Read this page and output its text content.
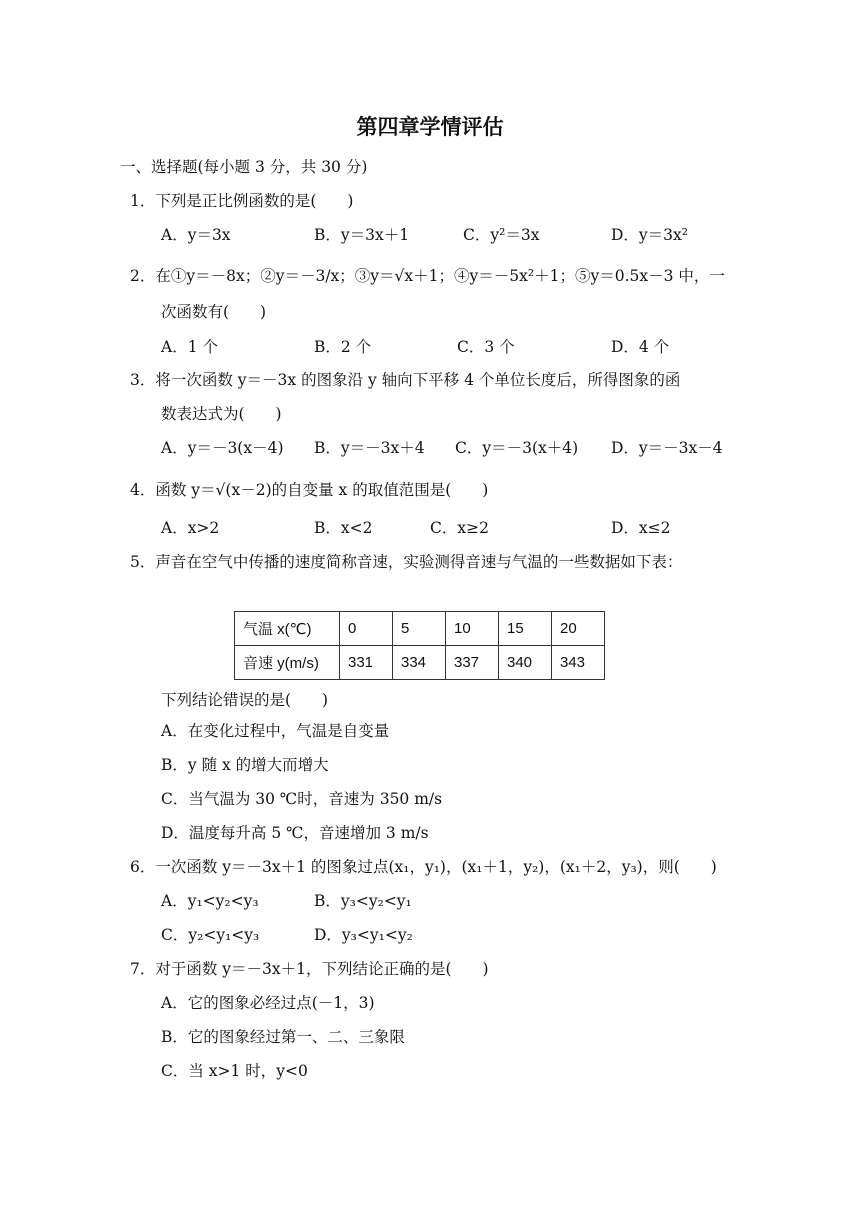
第四章学情评估
一、选择题(每小题 3 分，共 30 分)
1．下列是正比例函数的是(　　)
A．y＝3x	B．y＝3x＋1	C．y²＝3x	D．y＝3x²
2．在①y＝－8x；②y＝－3/x；③y＝√x＋1；④y＝－5x²＋1；⑤y＝0.5x－3 中，一
次函数有(　　)
A．1 个	B．2 个	C．3 个	D．4 个
3．将一次函数 y＝－3x 的图象沿 y 轴向下平移 4 个单位长度后，所得图象的函
数表达式为(　　)
A．y＝－3(x－4) B．y＝－3x＋4 C．y＝－3(x＋4) D．y＝－3x－4
4．函数 y＝√(x－2)的自变量 x 的取值范围是(　　)
A．x>2	B．x<2	C．x≥2	D．x≤2
5．声音在空气中传播的速度简称音速，实验测得音速与气温的一些数据如下表：
气温 x(℃)	0	5	10	15	20
音速 y(m/s)	331	334	337	340	343
下列结论错误的是(　　)
A．在变化过程中，气温是自变量
B．y 随 x 的增大而增大
C．当气温为 30 ℃时，音速为 350 m/s
D．温度每升高 5 ℃，音速增加 3 m/s
6．一次函数 y＝－3x＋1 的图象过点(x₁，y₁)，(x₁＋1，y₂)，(x₁＋2，y₃)，则(　　)
A．y₁<y₂<y₃	B．y₃<y₂<y₁
C．y₂<y₁<y₃	D．y₃<y₁<y₂
7．对于函数 y＝－3x＋1，下列结论正确的是(　　)
A．它的图象必经过点(－1，3)
B．它的图象经过第一、二、三象限
C．当 x>1 时，y<0
